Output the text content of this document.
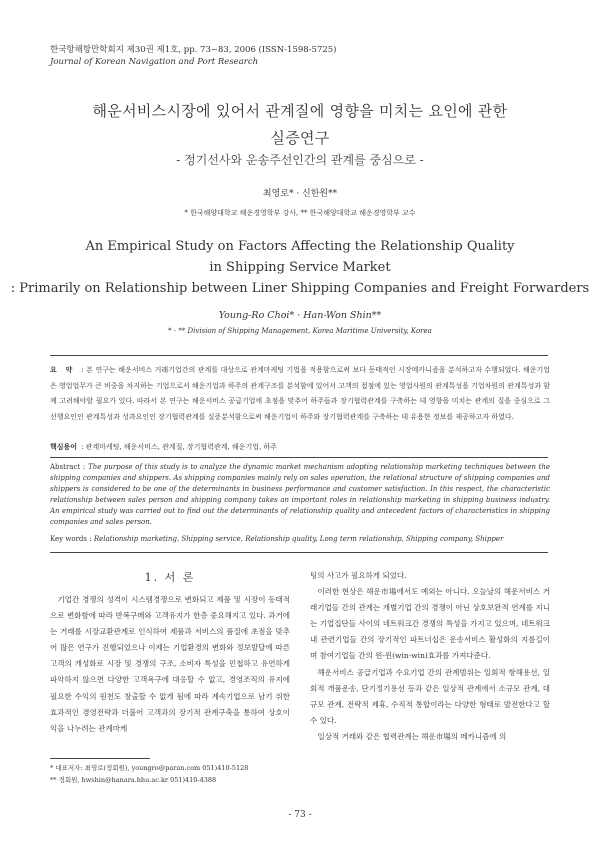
한국항해항만학회지 제30권 제1호, pp. 73~83, 2006 (ISSN-1598-5725)
Journal of Korean Navigation and Port Research
해운서비스시장에 있어서 관계질에 영향을 미치는 요인에 관한
실증연구
- 정기선사와 운송주선인간의 관계를 중심으로 -
최영로* · 신한원**
* 한국해양대학교 해운경영학부 강사, ** 한국해양대학교 해운경영학부 교수
An Empirical Study on Factors Affecting the Relationship Quality
in Shipping Service Market
: Primarily on Relationship between Liner Shipping Companies and Freight Forwarders
Young-Ro Choi* · Han-Won Shin**
* · ** Division of Shipping Management, Korea Maritime University, Korea
요 약 : 본 연구는 해운서비스 거래기업간의 관계를 대상으로 관계마케팅 기법을 적용함으로써 보다 동태적인 시장메카니즘을 분석하고자 수행되었다. 해운기업은 영업업무가 큰 비중을 차지하는 기업으로서 해운기업과 하주의 관계구조를 분석함에 있어서 고객의 접점에 있는 영업사원의 관계특성을 기업차원의 관계특성과 함께 고려해야할 필요가 있다. 따라서 본 연구는 해운서비스 공급기업에 초점을 맞추어 하주들과 장기협력관계를 구축하는 데 영향을 미치는 관계의 질을 중심으로 그 선행요인인 관계특성과 성과요인인 장기협력관계를 실증분석함으로써 해운기업이 하주와 장기협력관계를 구축하는 데 유용한 정보를 제공하고자 하였다.
핵심용어 : 관계마케팅, 해운서비스, 관계질, 장기협력관계, 해운기업, 하주
Abstract : The purpose of this study is to analyze the dynamic market mechanism adopting relationship marketing techniques between the shipping companies and shippers. As shipping companies mainly rely on sales operation, the relational structure of shipping companies and shippers is considered to be one of the determinants in business performance and customer satisfaction. In this respect, the characteristic relationship between sales person and shipping company takes an important roles in relationship marketing in shipping business industry. An empirical study was carried out to find out the determinants of relationship quality and antecedent factors of characteristics in shipping companies and sales person.
Key words : Relationship marketing, Shipping service, Relationship quality, Long term relationship, Shipping company, Shipper
1. 서 론

기업간 경쟁의 성격이 시스템경쟁으로 변화되고 제품 및 시장이 동태적으로 변화함에 따라 반복구매와 고객유지가 한층 중요해지고 있다. 과거에는 거래를 시장교환관계로 인식하여 제품과 서비스의 품질에 초점을 맞추어 많은 연구가 진행되었으나 이제는 기업환경의 변화와 정보발달에 따른 고객의 개성화로 시장 및 경쟁의 구조, 소비자 특성을 민첩하고 유연하게 파악하지 않으면 다양한 고객욕구에 대응할 수 없고, 경영조직의 유지에 필요한 수익의 원천도 창출할 수 없게 됨에 따라 계속기업으로 남기 위한 효과적인 경영전략과 더불어 고객과의 장기적 관계구축을 통하여 상호이익을 나누려는 관계마케

팅의 사고가 필요하게 되었다.

이러한 현상은 해운市場에서도 예외는 아니다. 오늘날의 해운서비스 거래기업들 간의 관계는 개별기업 간의 경쟁이 아닌 상호보완적 연계를 지니는 기업집단들 사이의 네트워크간 경쟁의 특성을 가지고 있으며, 네트워크내 관련기업들 간의 장기적인 파트너십은 운송서비스 활성화의 지름길이며 참여기업들 간의 윈-윈(win-win)효과를 가져다준다.

해운서비스 공급기업과 수요기업 간의 관계범위는 일회적 항해용선, 일회적 개품운송, 단기정기용선 등과 같은 일상적 관계에서 소규모 관계, 대규모 관계, 전략적 제휴, 수직적 통합이라는 다양한 형태로 발전한다고 할 수 있다.

일상적 거래와 같은 협력관계는 해운市場의 메카니즘에 의

* 대표저자: 최영로(정회원), youngro@paran.com 051)410-5128
** 정회원, hwshin@hanara.hhu.ac.kr 051)410-4388
- 73 -
